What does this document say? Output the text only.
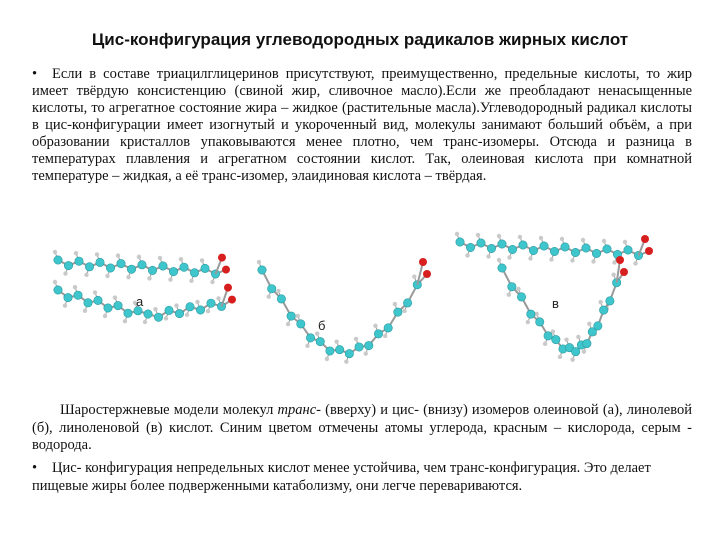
Цис-конфигурация углеводородных радикалов жирных кислот
• Если в составе триацилглицеринов присутствуют, преимущественно, предельные кислоты, то жир имеет твёрдую консистенцию (свиной жир, сливочное масло).Если же преобладают ненасыщенные кислоты, то агрегатное состояние жира – жидкое (растительные масла).Углеводородный радикал кислоты в цис-конфигурации имеет изогнутый и укороченный вид, молекулы занимают больший объём, а при образовании кристаллов упаковываются менее плотно, чем транс-изомеры. Отсюда и разница в температурах плавления и агрегатном состоянии кислот. Так, олеиновая кислота при комнатной температуре – жидкая, а её транс-изомер, элаидиновая кислота – твёрдая.
а
б
в
Шаростержневые модели молекул транс- (вверху) и цис- (внизу) изомеров олеиновой (а), линолевой (б), линоленовой (в) кислот. Синим цветом отмечены атомы углерода, красным – кислорода, серым - водорода.
• Цис- конфигурация непредельных кислот менее устойчива, чем транс-конфигурация. Это делает пищевые жиры более подверженными катаболизму, они легче перевариваются.
